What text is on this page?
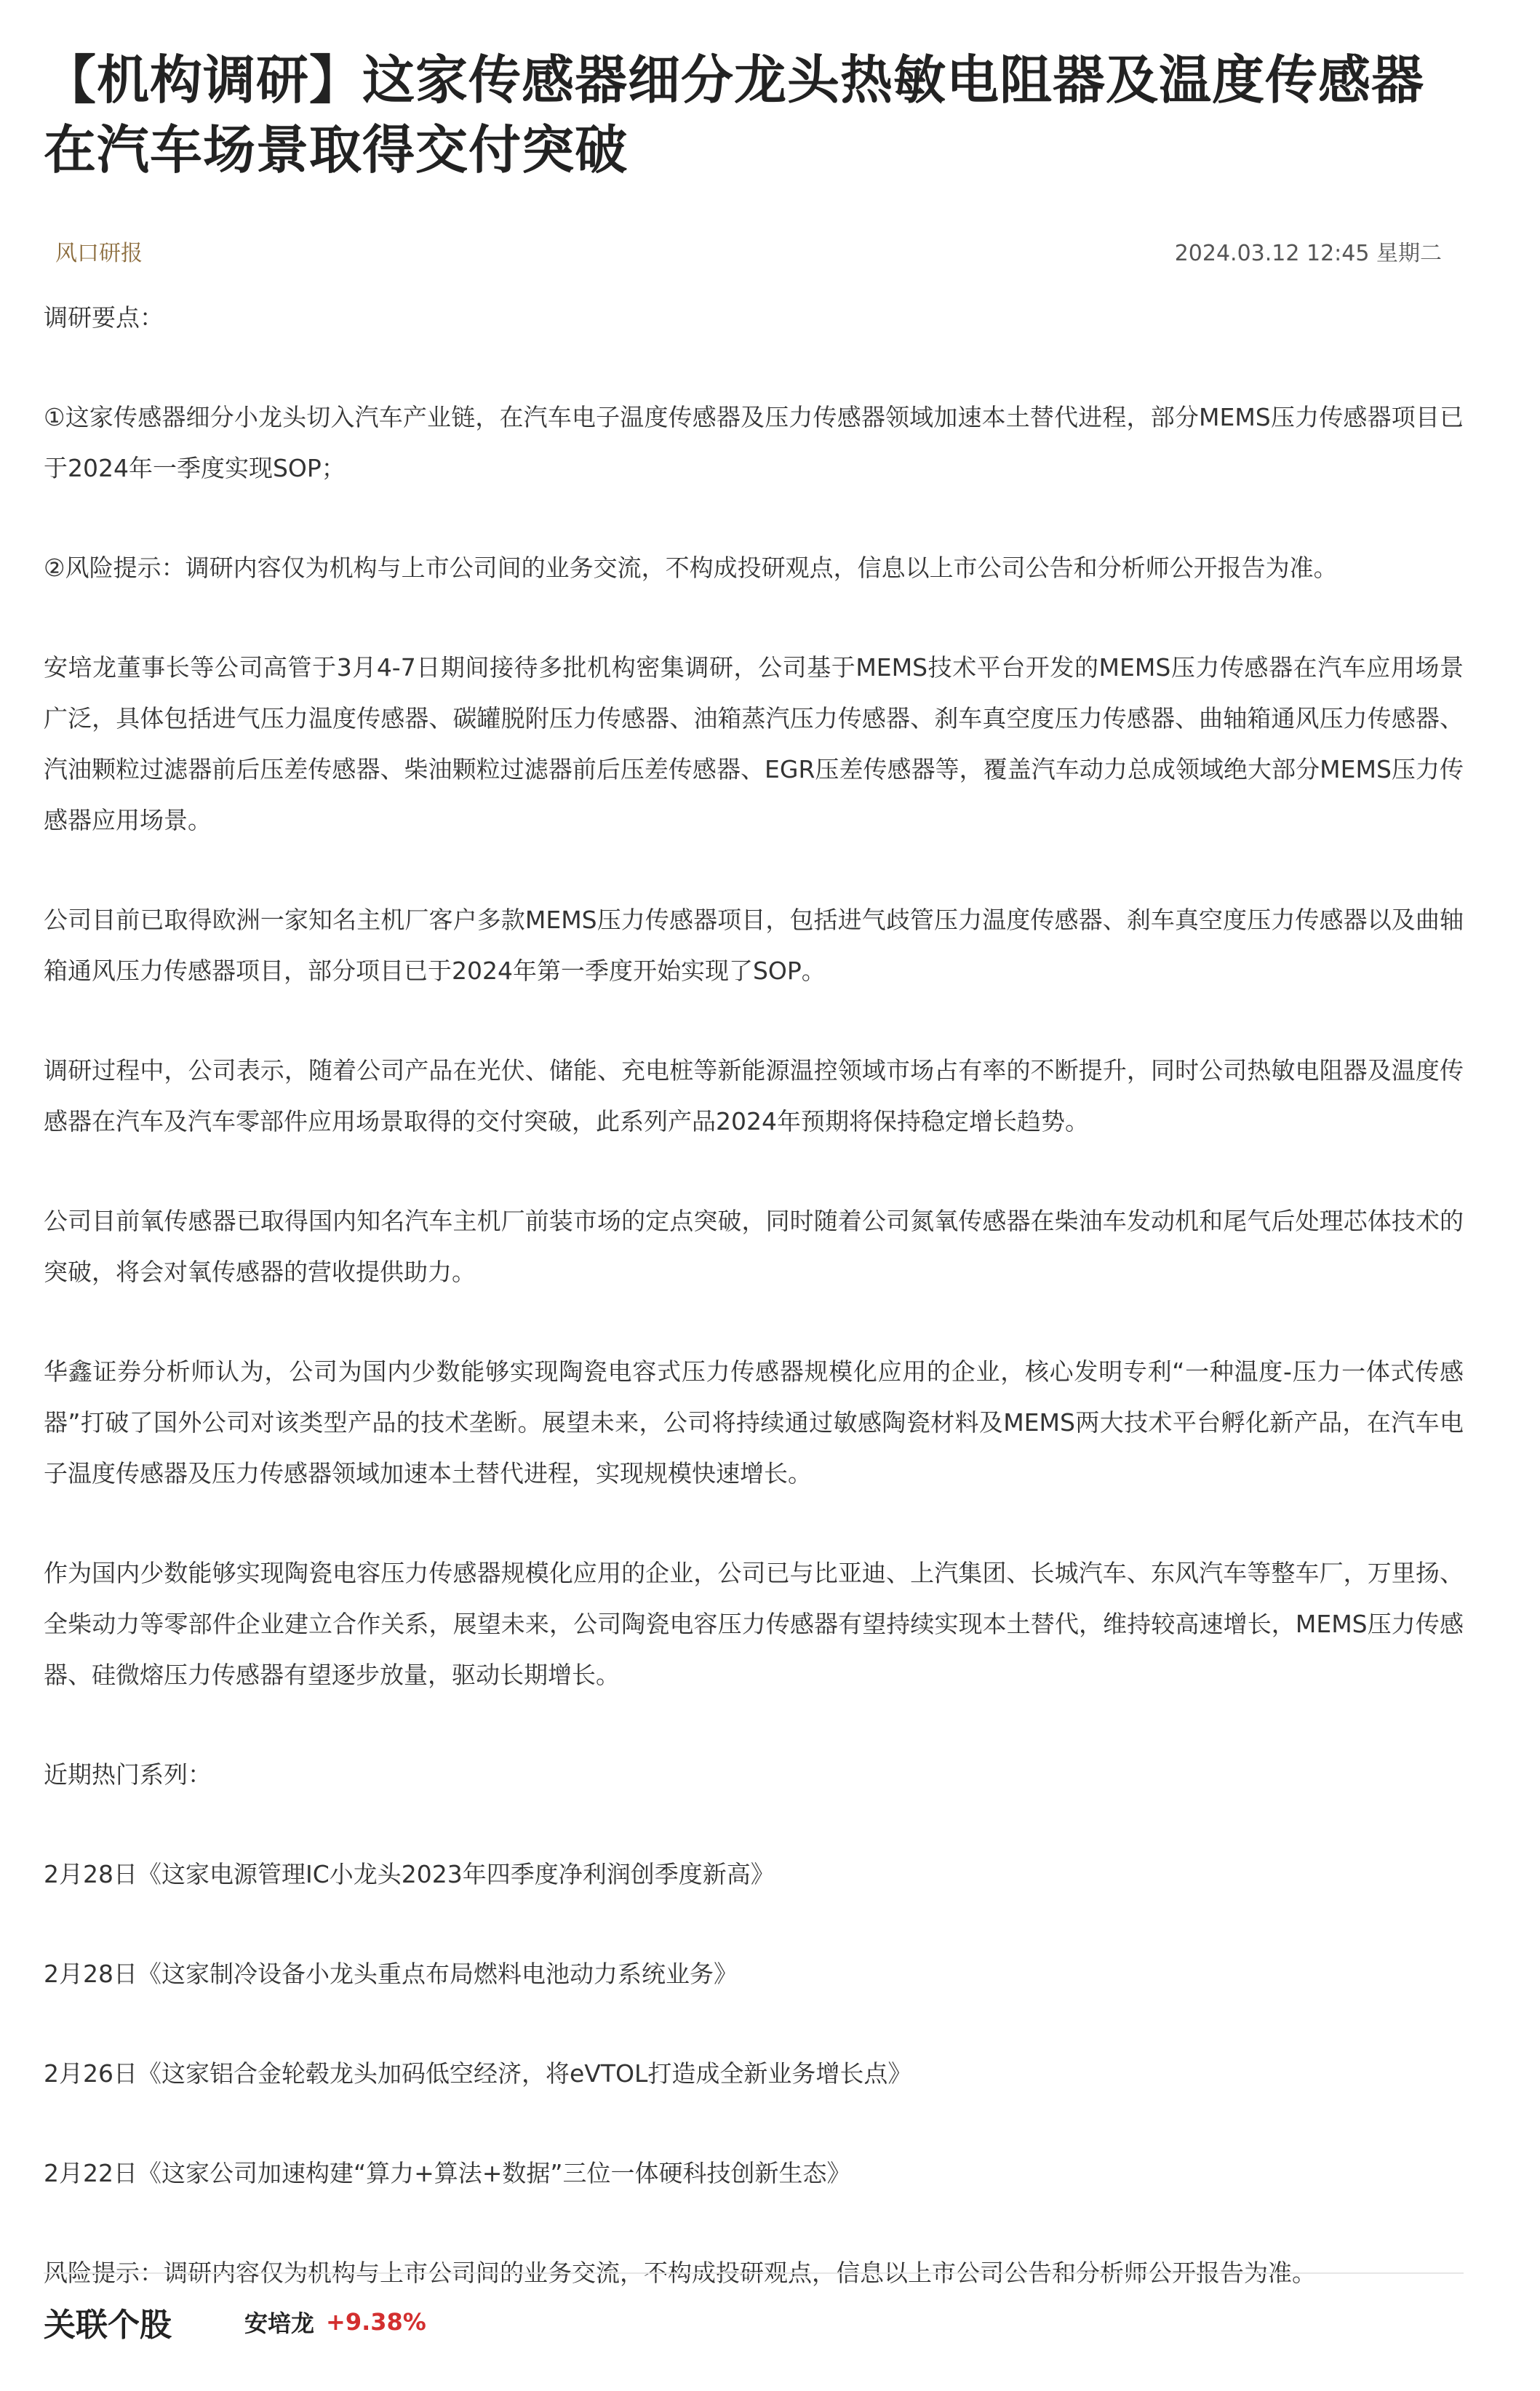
【机构调研】这家传感器细分龙头热敏电阻器及温度传感器在汽车场景取得交付突破
风口研报	2024.03.12 12:45 星期二

调研要点：

①这家传感器细分小龙头切入汽车产业链，在汽车电子温度传感器及压力传感器领域加速本土替代进程，部分MEMS压力传感器项目已于2024年一季度实现SOP；

②风险提示：调研内容仅为机构与上市公司间的业务交流，不构成投研观点，信息以上市公司公告和分析师公开报告为准。

安培龙董事长等公司高管于3月4-7日期间接待多批机构密集调研，公司基于MEMS技术平台开发的MEMS压力传感器在汽车应用场景广泛，具体包括进气压力温度传感器、碳罐脱附压力传感器、油箱蒸汽压力传感器、刹车真空度压力传感器、曲轴箱通风压力传感器、汽油颗粒过滤器前后压差传感器、柴油颗粒过滤器前后压差传感器、EGR压差传感器等，覆盖汽车动力总成领域绝大部分MEMS压力传感器应用场景。

公司目前已取得欧洲一家知名主机厂客户多款MEMS压力传感器项目，包括进气歧管压力温度传感器、刹车真空度压力传感器以及曲轴箱通风压力传感器项目，部分项目已于2024年第一季度开始实现了SOP。

调研过程中，公司表示，随着公司产品在光伏、储能、充电桩等新能源温控领域市场占有率的不断提升，同时公司热敏电阻器及温度传感器在汽车及汽车零部件应用场景取得的交付突破，此系列产品2024年预期将保持稳定增长趋势。

公司目前氧传感器已取得国内知名汽车主机厂前装市场的定点突破，同时随着公司氮氧传感器在柴油车发动机和尾气后处理芯体技术的突破，将会对氧传感器的营收提供助力。

华鑫证券分析师认为，公司为国内少数能够实现陶瓷电容式压力传感器规模化应用的企业，核心发明专利“一种温度-压力一体式传感器”打破了国外公司对该类型产品的技术垄断。展望未来，公司将持续通过敏感陶瓷材料及MEMS两大技术平台孵化新产品，在汽车电子温度传感器及压力传感器领域加速本土替代进程，实现规模快速增长。

作为国内少数能够实现陶瓷电容压力传感器规模化应用的企业，公司已与比亚迪、上汽集团、长城汽车、东风汽车等整车厂，万里扬、全柴动力等零部件企业建立合作关系，展望未来，公司陶瓷电容压力传感器有望持续实现本土替代，维持较高速增长，MEMS压力传感器、硅微熔压力传感器有望逐步放量，驱动长期增长。

近期热门系列：

2月28日《这家电源管理IC小龙头2023年四季度净利润创季度新高》

2月28日《这家制冷设备小龙头重点布局燃料电池动力系统业务》

2月26日《这家铝合金轮毂龙头加码低空经济，将eVTOL打造成全新业务增长点》

2月22日《这家公司加速构建“算力+算法+数据”三位一体硬科技创新生态》

风险提示：调研内容仅为机构与上市公司间的业务交流，不构成投研观点，信息以上市公司公告和分析师公开报告为准。

关联个股	安培龙 +9.38%
